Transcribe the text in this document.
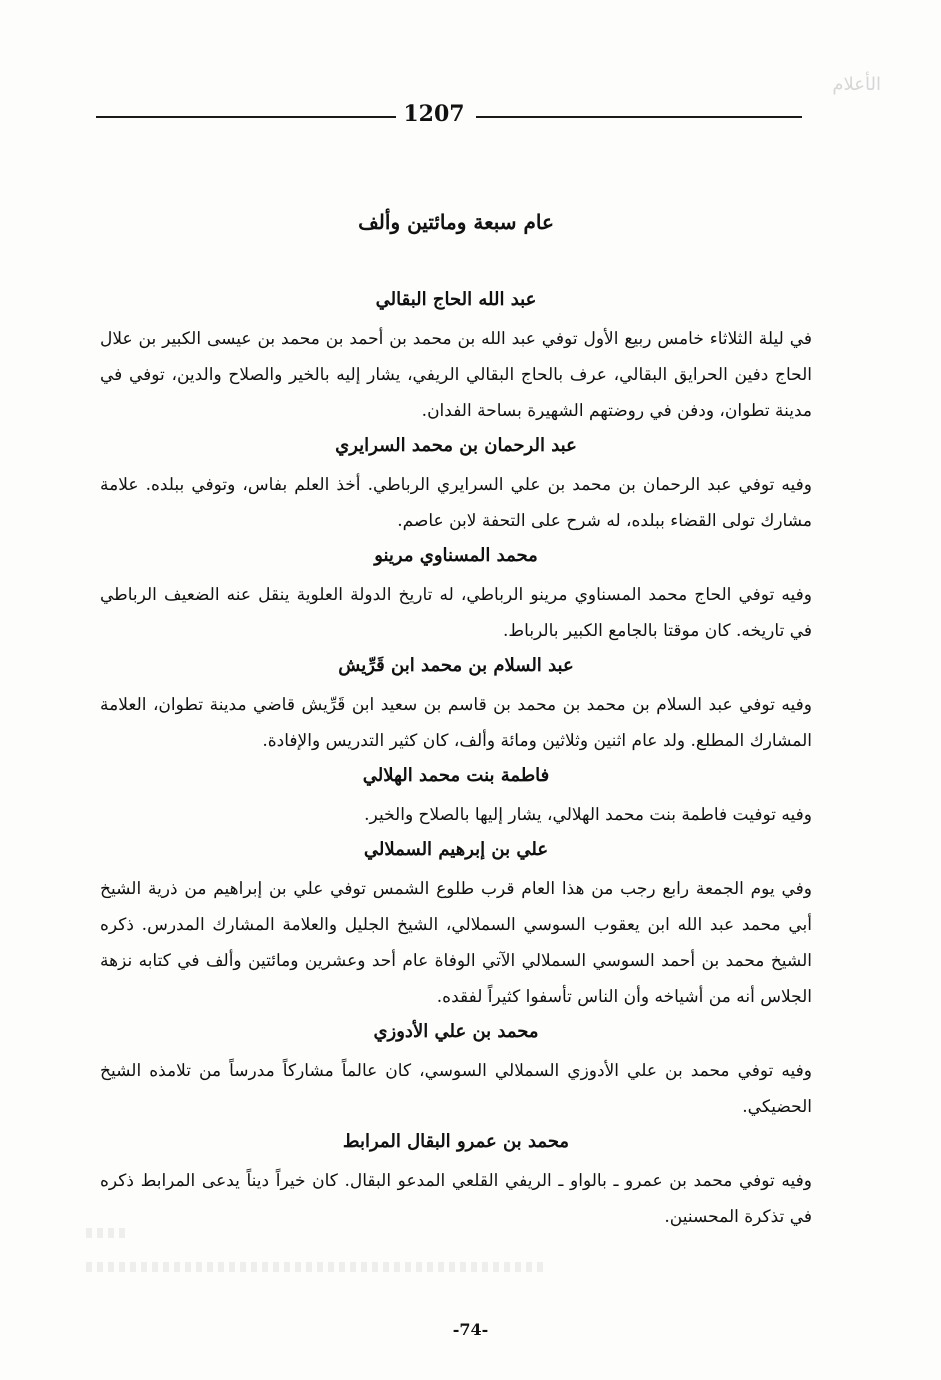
الأعلام
1207
عام سبعة ومائتين وألف
عبد الله الحاج البقالي
في ليلة الثلاثاء خامس ربيع الأول توفي عبد الله بن محمد بن أحمد بن محمد بن عيسى الكبير بن علال الحاج دفين الحرايق البقالي، عرف بالحاج البقالي الريفي، يشار إليه بالخير والصلاح والدين، توفي في مدينة تطوان، ودفن في روضتهم الشهيرة بساحة الفدان.
عبد الرحمان بن محمد السرايري
وفيه توفي عبد الرحمان بن محمد بن علي السرايري الرباطي. أخذ العلم بفاس، وتوفي ببلده. علامة مشارك تولى القضاء ببلده، له شرح على التحفة لابن عاصم.
محمد المسناوي مرينو
وفيه توفي الحاج محمد المسناوي مرينو الرباطي، له تاريخ الدولة العلوية ينقل عنه الضعيف الرباطي في تاريخه. كان موقتا بالجامع الكبير بالرباط.
عبد السلام بن محمد ابن قَرِّيش
وفيه توفي عبد السلام بن محمد بن محمد بن قاسم بن سعيد ابن قَرِّيش قاضي مدينة تطوان، العلامة المشارك المطلع. ولد عام اثنين وثلاثين ومائة وألف، كان كثير التدريس والإفادة.
فاطمة بنت محمد الهلالي
وفيه توفيت فاطمة بنت محمد الهلالي، يشار إليها بالصلاح والخير.
علي بن إبرهيم السملالي
وفي يوم الجمعة رابع رجب من هذا العام قرب طلوع الشمس توفي علي بن إبراهيم من ذرية الشيخ أبي محمد عبد الله ابن يعقوب السوسي السملالي، الشيخ الجليل والعلامة المشارك المدرس. ذكره الشيخ محمد بن أحمد السوسي السملالي الآتي الوفاة عام أحد وعشرين ومائتين وألف في كتابه نزهة الجلاس أنه من أشياخه وأن الناس تأسفوا كثيراً لفقده.
محمد بن علي الأدوزي
وفيه توفي محمد بن علي الأدوزي السملالي السوسي، كان عالماً مشاركاً مدرساً من تلامذه الشيخ الحضيكي.
محمد بن عمرو البقال المرابط
وفيه توفي محمد بن عمرو ـ بالواو ـ الريفي القلعي المدعو البقال. كان خيراً ديناً يدعى المرابط ذكره في تذكرة المحسنين.
-74-
